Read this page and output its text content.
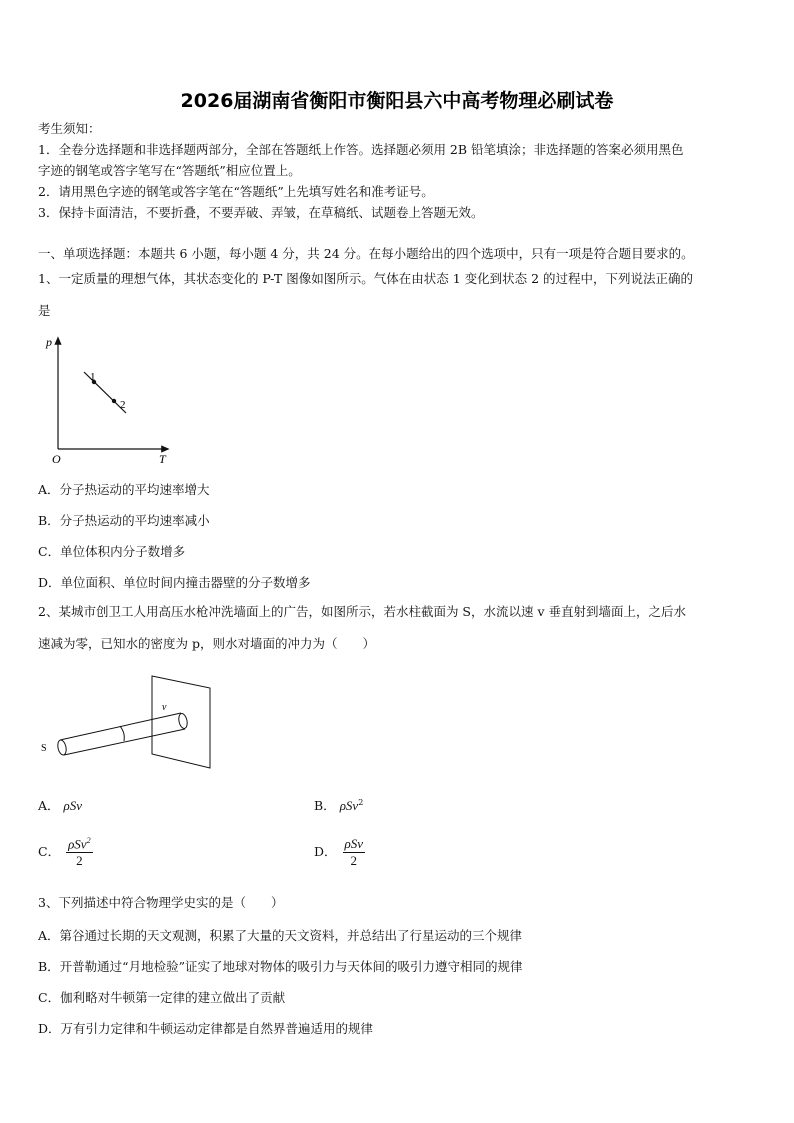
2026届湖南省衡阳市衡阳县六中高考物理必刷试卷
考生须知：
1．全卷分选择题和非选择题两部分，全部在答题纸上作答。选择题必须用 2B 铅笔填涂；非选择题的答案必须用黑色
字迹的钢笔或答字笔写在“答题纸”相应位置上。
2．请用黑色字迹的钢笔或答字笔在“答题纸”上先填写姓名和准考证号。
3．保持卡面清洁，不要折叠，不要弄破、弄皱，在草稿纸、试题卷上答题无效。
一、单项选择题：本题共 6 小题，每小题 4 分，共 24 分。在每小题给出的四个选项中，只有一项是符合题目要求的。
1、一定质量的理想气体，其状态变化的 P-T 图像如图所示。气体在由状态 1 变化到状态 2 的过程中，下列说法正确的
是
p
T
O
1
2
A．分子热运动的平均速率增大
B．分子热运动的平均速率减小
C．单位体积内分子数增多
D．单位面积、单位时间内撞击器壁的分子数增多
2、某城市创卫工人用高压水枪冲洗墙面上的广告，如图所示，若水柱截面为 S，水流以速 v 垂直射到墙面上，之后水
速减为零，已知水的密度为 p，则水对墙面的冲力为（　　）
S
v
A． ρSv	B． ρSv$^2$
C． $\frac{\rho Sv^2}{2}$	D． $\frac{\text{ρSv}}{2}$
3、下列描述中符合物理学史实的是（　　）
A．第谷通过长期的天文观测，积累了大量的天文资料，并总结出了行星运动的三个规律
B．开普勒通过“月地检验”证实了地球对物体的吸引力与天体间的吸引力遵守相同的规律
C．伽利略对牛顿第一定律的建立做出了贡献
D．万有引力定律和牛顿运动定律都是自然界普遍适用的规律
